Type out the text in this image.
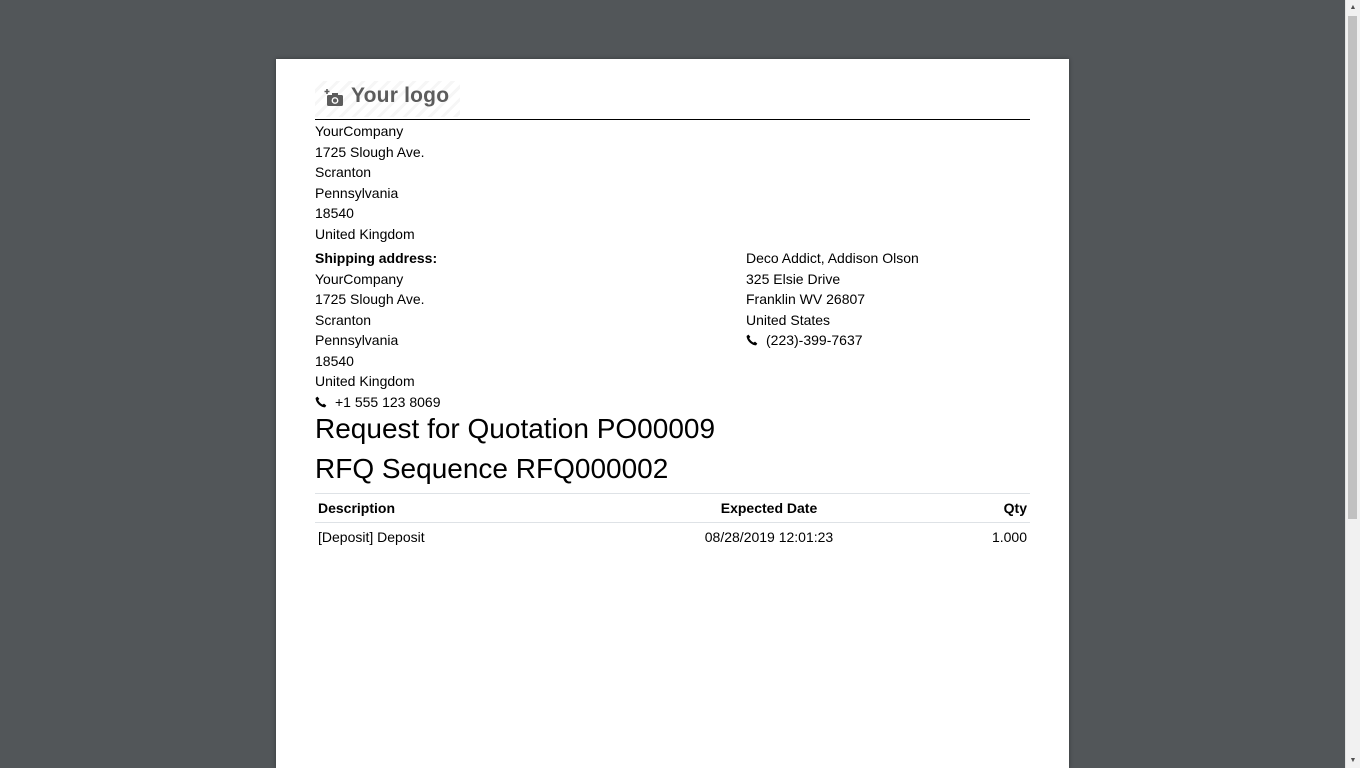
Your logo
YourCompany
1725 Slough Ave.
Scranton
Pennsylvania
18540
United Kingdom
Shipping address:
YourCompany
1725 Slough Ave.
Scranton
Pennsylvania
18540
United Kingdom
+1 555 123 8069
Deco Addict, Addison Olson
325 Elsie Drive
Franklin WV 26807
United States
(223)-399-7637
Request for Quotation PO00009
RFQ Sequence RFQ000002
Description	Expected Date	Qty
[Deposit] Deposit	08/28/2019 12:01:23	1.000
▲
▼
